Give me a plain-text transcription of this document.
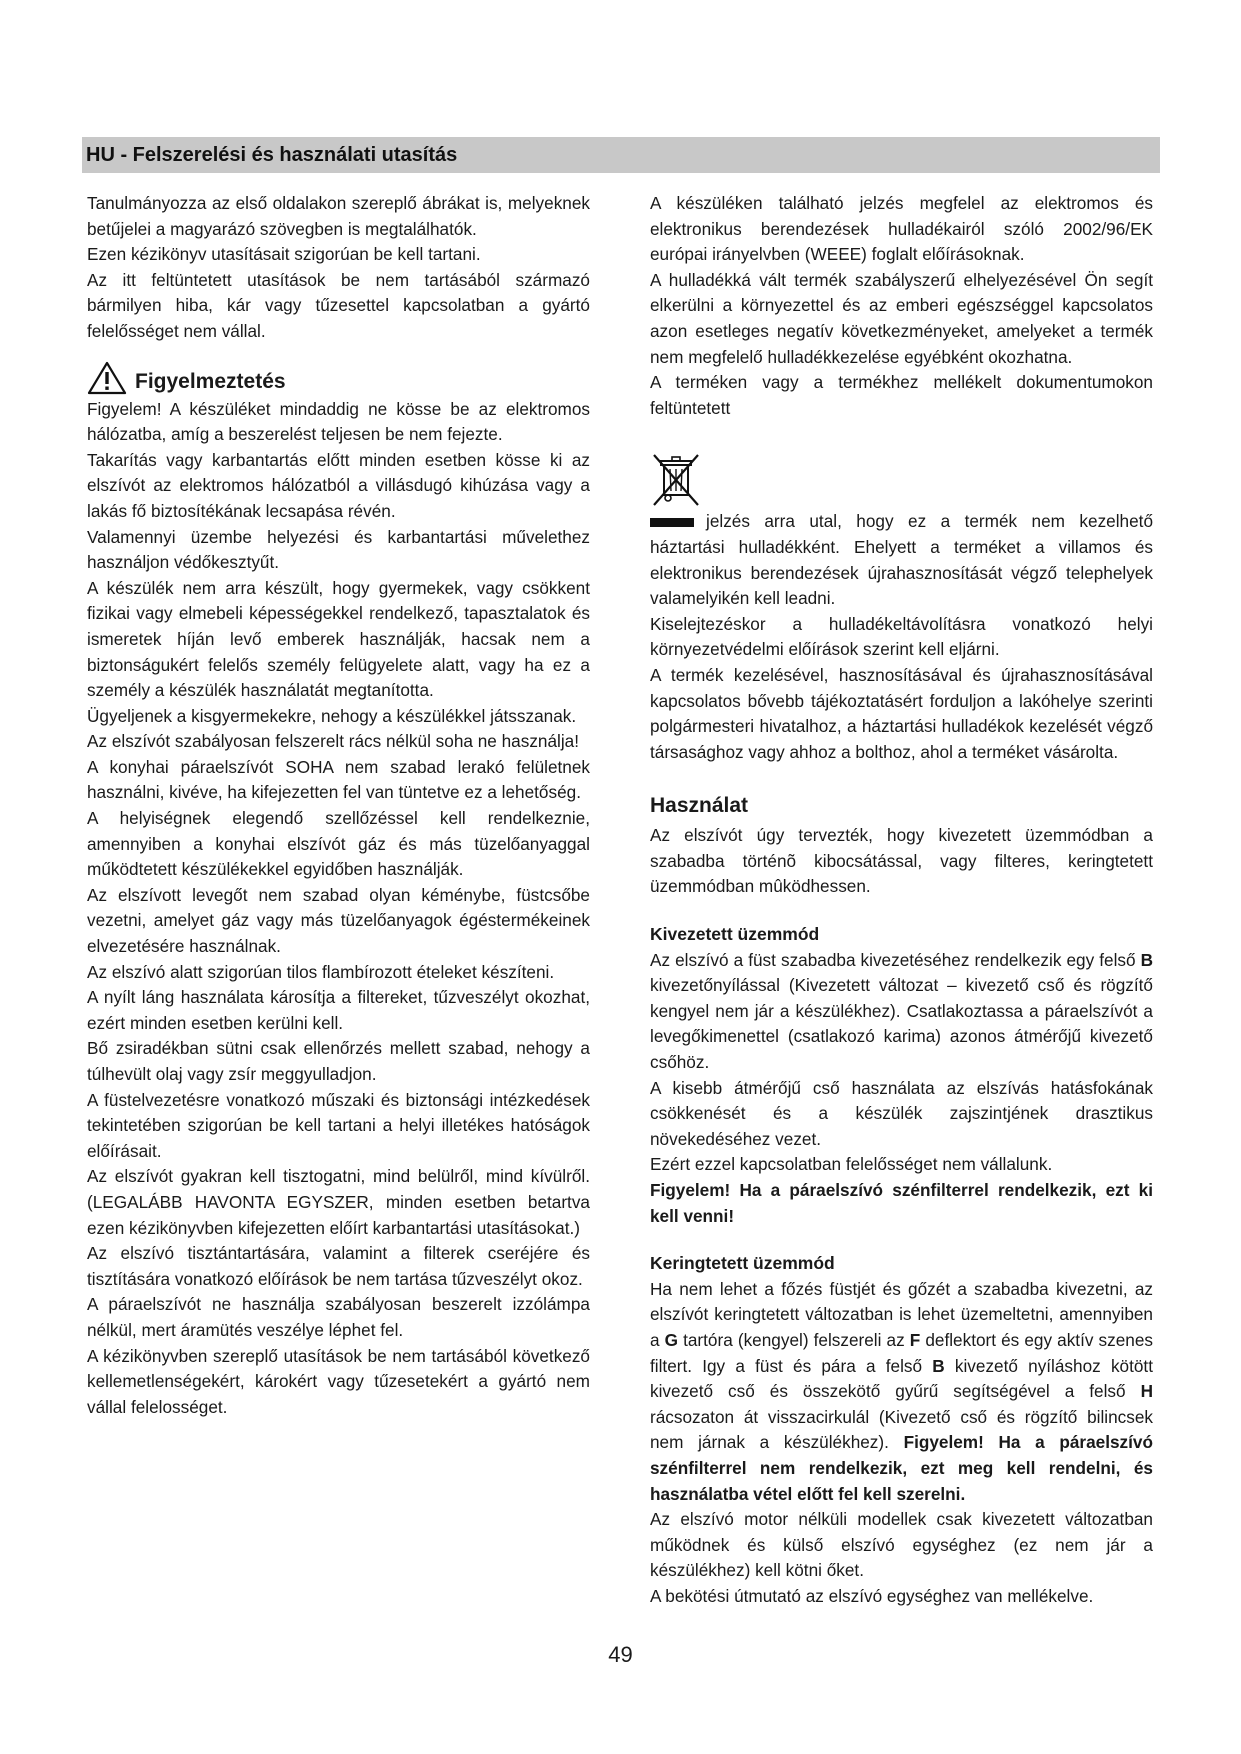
HU - Felszerelési és használati utasítás

Tanulmányozza az első oldalakon szereplő ábrákat is, melyeknek betűjelei a magyarázó szövegben is megtalálhatók.

Ezen kézikönyv utasításait szigorúan be kell tartani.

Az itt feltüntetett utasítások be nem tartásából származó bármilyen hiba, kár vagy tűzesettel kapcsolatban a gyártó felelősséget nem vállal.

Figyelmeztetés

Figyelem! A készüléket mindaddig ne kösse be az elektromos hálózatba, amíg a beszerelést teljesen be nem fejezte.

Takarítás vagy karbantartás előtt minden esetben kösse ki az elszívót az elektromos hálózatból a villásdugó kihúzása vagy a lakás fő biztosítékának lecsapása révén.

Valamennyi üzembe helyezési és karbantartási művelethez használjon védőkesztyűt.

A készülék nem arra készült, hogy gyermekek, vagy csökkent fizikai vagy elmebeli képességekkel rendelkező, tapasztalatok és ismeretek híján levő emberek használják, hacsak nem a biztonságukért felelős személy felügyelete alatt, vagy ha ez a személy a készülék használatát megtanította.

Ügyeljenek a kisgyermekekre, nehogy a készülékkel játsszanak.

Az elszívót szabályosan felszerelt rács nélkül soha ne használja!

A konyhai páraelszívót SOHA nem szabad lerakó felületnek használni, kivéve, ha kifejezetten fel van tüntetve ez a lehetőség.

A helyiségnek elegendő szellőzéssel kell rendelkeznie, amennyiben a konyhai elszívót gáz és más tüzelőanyaggal működtetett készülékekkel egyidőben használják.

Az elszívott levegőt nem szabad olyan kéménybe, füstcsőbe vezetni, amelyet gáz vagy más tüzelőanyagok égéstermékeinek elvezetésére használnak.

Az elszívó alatt szigorúan tilos flambírozott ételeket készíteni.

A nyílt láng használata károsítja a filtereket, tűzveszélyt okozhat, ezért minden esetben kerülni kell.

Bő zsiradékban sütni csak ellenőrzés mellett szabad, nehogy a túlhevült olaj vagy zsír meggyulladjon.

A füstelvezetésre vonatkozó műszaki és biztonsági intézkedések tekintetében szigorúan be kell tartani a helyi illetékes hatóságok előírásait.

Az elszívót gyakran kell tisztogatni, mind belülről, mind kívülről. (LEGALÁBB HAVONTA EGYSZER, minden esetben betartva ezen kézikönyvben kifejezetten előírt karbantartási utasításokat.)

Az elszívó tisztántartására, valamint a filterek cseréjére és tisztítására vonatkozó előírások be nem tartása tűzveszélyt okoz.

A páraelszívót ne használja szabályosan beszerelt izzólámpa nélkül, mert áramütés veszélye léphet fel.

A kézikönyvben szereplő utasítások be nem tartásából következő kellemetlenségekért, károkért vagy tűzesetekért a gyártó nem vállal felelosséget.

A készüléken található jelzés megfelel az elektromos és elektronikus berendezések hulladékairól szóló 2002/96/EK európai irányelvben (WEEE) foglalt előírásoknak.

A hulladékká vált termék szabályszerű elhelyezésével Ön segít elkerülni a környezettel és az emberi egészséggel kapcsolatos azon esetleges negatív következményeket, amelyeket a termék nem megfelelő hulladékkezelése egyébként okozhatna.

A terméken vagy a termékhez mellékelt dokumentumokon feltüntetett

jelzés arra utal, hogy ez a termék nem kezelhető háztartási hulladékként. Ehelyett a terméket a villamos és elektronikus berendezések újrahasznosítását végző telephelyek valamelyikén kell leadni.

Kiselejtezéskor a hulladékeltávolításra vonatkozó helyi környezetvédelmi előírások szerint kell eljárni.

A termék kezelésével, hasznosításával és újrahasznosításával kapcsolatos bővebb tájékoztatásért forduljon a lakóhelye szerinti polgármesteri hivatalhoz, a háztartási hulladékok kezelését végző társasághoz vagy ahhoz a bolthoz, ahol a terméket vásárolta.

Használat

Az elszívót úgy tervezték, hogy kivezetett üzemmódban a szabadba történõ kibocsátással, vagy filteres, keringtetett üzemmódban mûködhessen.

Kivezetett üzemmód

Az elszívó a füst szabadba kivezetéséhez rendelkezik egy felső B kivezetőnyílással (Kivezetett változat – kivezető cső és rögzítő kengyel nem jár a készülékhez). Csatlakoztassa a páraelszívót a levegőkimenettel (csatlakozó karima) azonos átmérőjű kivezető csőhöz.

A kisebb átmérőjű cső használata az elszívás hatásfokának csökkenését és a készülék zajszintjének drasztikus növekedéséhez vezet.

Ezért ezzel kapcsolatban felelősséget nem vállalunk.

Figyelem! Ha a páraelszívó szénfilterrel rendelkezik, ezt ki kell venni!

Keringtetett üzemmód

Ha nem lehet a főzés füstjét és gőzét a szabadba kivezetni, az elszívót keringtetett változatban is lehet üzemeltetni, amennyiben a G tartóra (kengyel) felszereli az F deflektort és egy aktív szenes filtert. Igy a füst és pára a felső B kivezető nyíláshoz kötött kivezető cső és összekötő gyűrű segítségével a felső H rácsozaton át visszacirkulál (Kivezető cső és rögzítő bilincsek nem járnak a készülékhez). Figyelem! Ha a páraelszívó szénfilterrel nem rendelkezik, ezt meg kell rendelni, és használatba vétel előtt fel kell szerelni.

Az elszívó motor nélküli modellek csak kivezetett változatban működnek és külső elszívó egységhez (ez nem jár a készülékhez) kell kötni őket.

A bekötési útmutató az elszívó egységhez van mellékelve.

49
